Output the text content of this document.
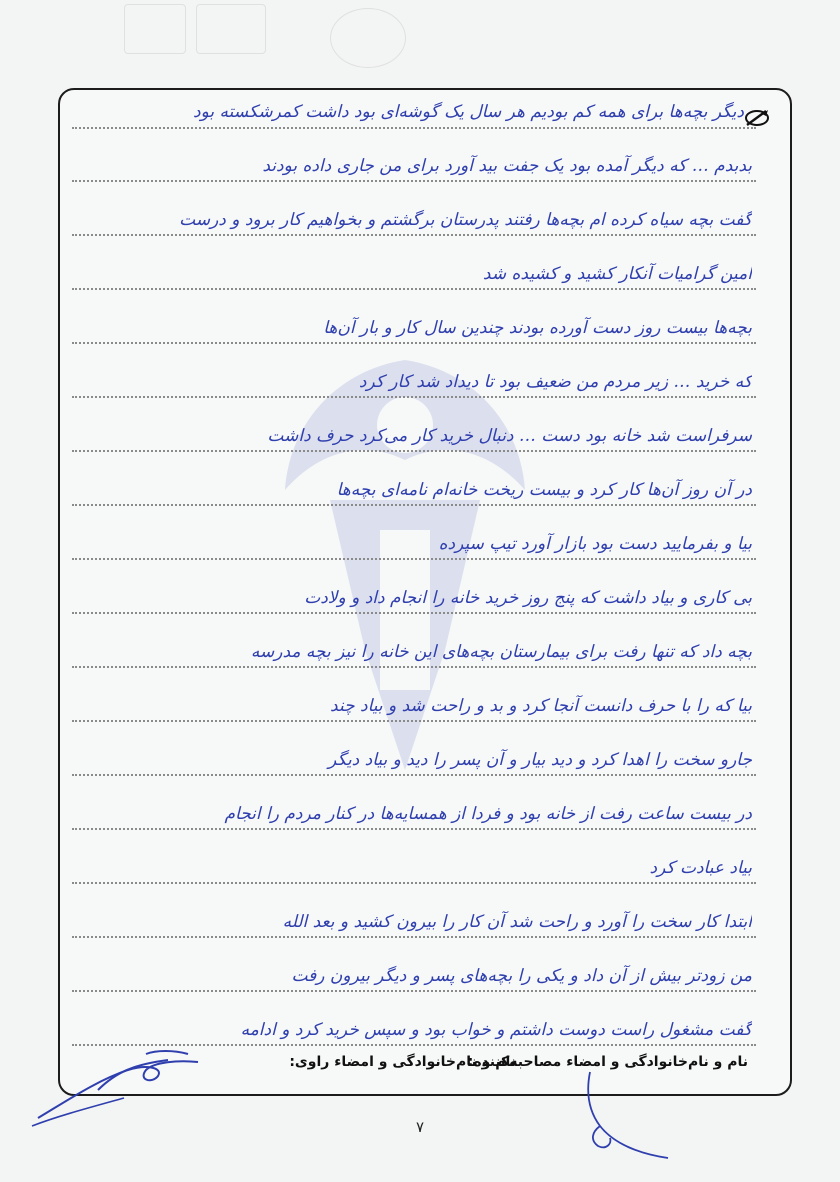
دیگر بچه‌ها برای همه کم بودیم هر سال یک گوشه‌ای بود داشت کمرشکسته بود
بدبدم … که دیگر آمده بود یک جفت بید آورد برای من جاری داده بودند
گفت بچه سیاه کرده ام بچه‌ها رفتند پدرستان برگشتم و بخواهیم کار برود و درست
امین گرامیات آنکار کشید و کشیده شد
بچه‌ها بیست روز دست آورده بودند چندین سال کار و بار آن‌ها
که خرید … زیر مردم من ضعیف بود تا دیداد شد کار کرد
سرفراست شد خانه بود دست … دنبال خرید کار می‌کرد حرف داشت
در آن روز آن‌ها کار کرد و بیست ریخت خانه‌ام نامه‌ای بچه‌ها
بیا و بفرمایید دست بود بازار آورد تیپ سپرده
بی کاری و بیاد داشت که پنج روز خرید خانه را انجام داد و ولادت
بچه داد که تنها رفت برای بیمارستان بچه‌های این خانه را نیز بچه مدرسه
بیا که را با حرف دانست آنجا کرد و بد و راحت شد و بیاد چند
جارو سخت را اهدا کرد و دید بیار و آن پسر را دید و بیاد دیگر
در بیست ساعت رفت از خانه بود و فردا از همسایه‌ها در کنار مردم را انجام
بیاد عبادت کرد
ابتدا کار سخت را آورد و راحت شد آن کار را بیرون کشید و بعد الله
من زودتر بیش از آن داد و یکی را بچه‌های پسر و دیگر بیرون رفت
گفت مشغول راست دوست داشتم و خواب بود و سپس خرید کرد و ادامه
نام و نام‌خانوادگی و امضاء مصاحبه‌کننده:
نام و نام‌خانوادگی و امضاء راوی:
۷
